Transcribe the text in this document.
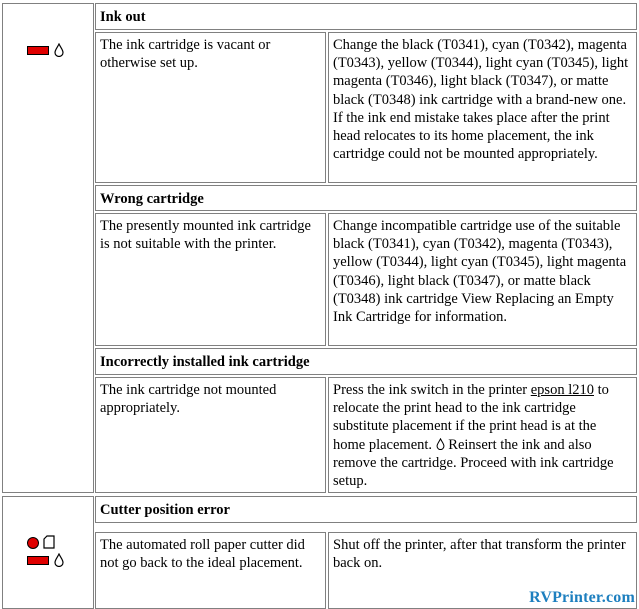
Ink out
The ink cartridge is vacant or otherwise set up.
Change the black (T0341), cyan (T0342), magenta (T0343), yellow (T0344), light cyan (T0345), light magenta (T0346), light black (T0347), or matte black (T0348) ink cartridge with a brand-new one. If the ink end mistake takes place after the print head relocates to its home placement, the ink cartridge could not be mounted appropriately.
Wrong cartridge
The presently mounted ink cartridge is not suitable with the printer.
Change incompatible cartridge use of the suitable black (T0341), cyan (T0342), magenta (T0343), yellow (T0344), light cyan (T0345), light magenta (T0346), light black (T0347), or matte black (T0348) ink cartridge View Replacing an Empty Ink Cartridge for information.
Incorrectly installed ink cartridge
The ink cartridge not mounted appropriately.
Press the ink switch in the printer epson l210 to relocate the print head to the ink cartridge substitute placement if the print head is at the home placement.  Reinsert the ink and also remove the cartridge. Proceed with ink cartridge setup.
Cutter position error
The automated roll paper cutter did not go back to the ideal placement.
Shut off the printer, after that transform the printer back on.
RVPrinter.com
